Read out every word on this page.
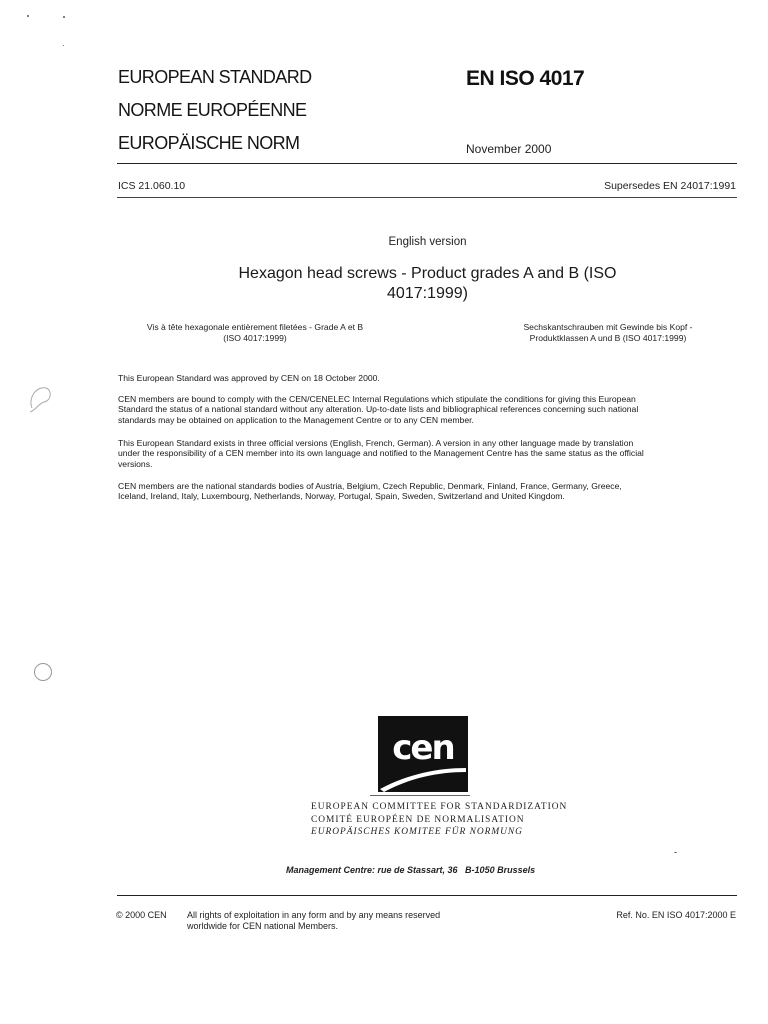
EUROPEAN STANDARD
NORME EUROPÉENNE
EUROPÄISCHE NORM
EN ISO 4017
November 2000
ICS 21.060.10	Supersedes EN 24017:1991
English version
Hexagon head screws - Product grades A and B (ISO
4017:1999)
Vis à tête hexagonale entièrement filetées - Grade A et B
(ISO 4017:1999)
Sechskantschrauben mit Gewinde bis Kopf -
Produktklassen A und B (ISO 4017:1999)
This European Standard was approved by CEN on 18 October 2000.
CEN members are bound to comply with the CEN/CENELEC Internal Regulations which stipulate the conditions for giving this European
Standard the status of a national standard without any alteration. Up-to-date lists and bibliographical references concerning such national
standards may be obtained on application to the Management Centre or to any CEN member.
This European Standard exists in three official versions (English, French, German). A version in any other language made by translation
under the responsibility of a CEN member into its own language and notified to the Management Centre has the same status as the official
versions.
CEN members are the national standards bodies of Austria, Belgium, Czech Republic, Denmark, Finland, France, Germany, Greece,
Iceland, Ireland, Italy, Luxembourg, Netherlands, Norway, Portugal, Spain, Sweden, Switzerland and United Kingdom.
cen
EUROPEAN COMMITTEE FOR STANDARDIZATION
COMITÉ EUROPÉEN DE NORMALISATION
EUROPÄISCHES KOMITEE FÜR NORMUNG
Management Centre: rue de Stassart, 36   B-1050 Brussels
© 2000 CEN All rights of exploitation in any form and by any means reserved
worldwide for CEN national Members.
Ref. No. EN ISO 4017:2000 E
